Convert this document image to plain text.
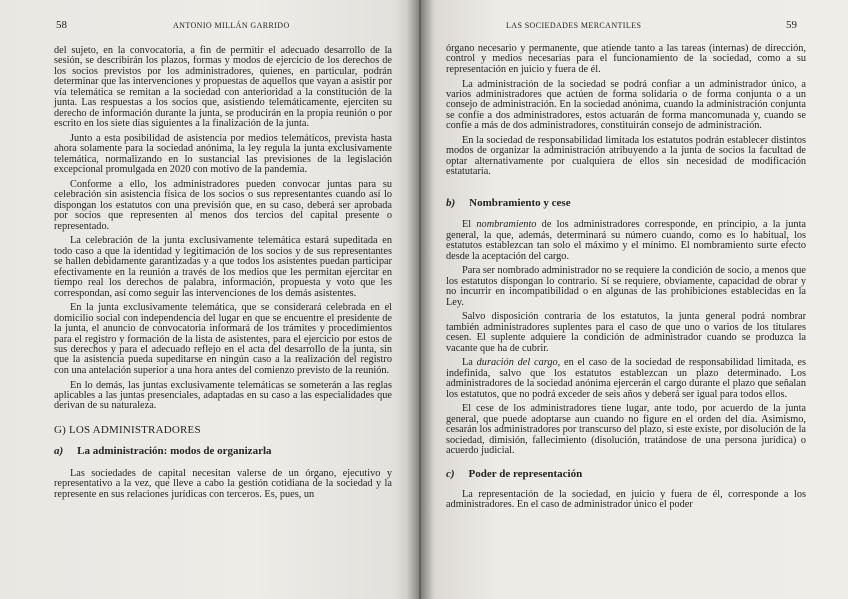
58	ANTONIO MILLÁN GARRIDO

del sujeto, en la convocatoria, a fin de permitir el adecuado desarrollo de la sesión, se describirán los plazos, formas y modos de ejercicio de los derechos de los socios previstos por los administradores, quienes, en particular, podrán determinar que las intervenciones y propuestas de aquellos que vayan a asistir por vía telemática se remitan a la sociedad con anterioridad a la constitución de la junta. Las respuestas a los socios que, asistiendo telemáticamente, ejerciten su derecho de información durante la junta, se producirán en la propia reunión o por escrito en los siete días siguientes a la finalización de la junta.

Junto a esta posibilidad de asistencia por medios telemáticos, prevista hasta ahora solamente para la sociedad anónima, la ley regula la junta exclusivamente telemática, normalizando en lo sustancial las previsiones de la legislación excepcional promulgada en 2020 con motivo de la pandemia.

Conforme a ello, los administradores pueden convocar juntas para su celebración sin asistencia física de los socios o sus representantes cuando así lo dispongan los estatutos con una previsión que, en su caso, deberá ser aprobada por socios que representen al menos dos tercios del capital presente o representado.

La celebración de la junta exclusivamente telemática estará supeditada en todo caso a que la identidad y legitimación de los socios y de sus representantes se hallen debidamente garantizadas y a que todos los asistentes puedan participar efectivamente en la reunión a través de los medios que les permitan ejercitar en tiempo real los derechos de palabra, información, propuesta y voto que les correspondan, así como seguir las intervenciones de los demás asistentes.

En la junta exclusivamente telemática, que se considerará celebrada en el domicilio social con independencia del lugar en que se encuentre el presidente de la junta, el anuncio de convocatoria informará de los trámites y procedimientos para el registro y formación de la lista de asistentes, para el ejercicio por estos de sus derechos y para el adecuado reflejo en el acta del desarrollo de la junta, sin que la asistencia pueda supeditarse en ningún caso a la realización del registro con una antelación superior a una hora antes del comienzo previsto de la reunión.

En lo demás, las juntas exclusivamente telemáticas se someterán a las reglas aplicables a las juntas presenciales, adaptadas en su caso a las especialidades que derivan de su naturaleza.

G) LOS ADMINISTRADORES
a) La administración: modos de organizarla

Las sociedades de capital necesitan valerse de un órgano, ejecutivo y representativo a la vez, que lleve a cabo la gestión cotidiana de la sociedad y la represente en sus relaciones jurídicas con terceros. Es, pues, un

LAS SOCIEDADES MERCANTILES	59

órgano necesario y permanente, que atiende tanto a las tareas (internas) de dirección, control y medios necesarias para el funcionamiento de la sociedad, como a su representación en juicio y fuera de él.

La administración de la sociedad se podrá confiar a un administrador único, a varios administradores que actúen de forma solidaria o de forma conjunta o a un consejo de administración. En la sociedad anónima, cuando la administración conjunta se confíe a dos administradores, estos actuarán de forma mancomunada y, cuando se confíe a más de dos administradores, constituirán consejo de administración.

En la sociedad de responsabilidad limitada los estatutos podrán establecer distintos modos de organizar la administración atribuyendo a la junta de socios la facultad de optar alternativamente por cualquiera de ellos sin necesidad de modificación estatutaria.

b) Nombramiento y cese

El nombramiento de los administradores corresponde, en principio, a la junta general, la que, además, determinará su número cuando, como es lo habitual, los estatutos establezcan tan solo el máximo y el mínimo. El nombramiento surte efecto desde la aceptación del cargo.

Para ser nombrado administrador no se requiere la condición de socio, a menos que los estatutos dispongan lo contrario. Sí se requiere, obviamente, capacidad de obrar y no incurrir en incompatibilidad o en algunas de las prohibiciones establecidas en la Ley.

Salvo disposición contraria de los estatutos, la junta general podrá nombrar también administradores suplentes para el caso de que uno o varios de los titulares cesen. El suplente adquiere la condición de administrador cuando se produzca la vacante que ha de cubrir.

La duración del cargo, en el caso de la sociedad de responsabilidad limitada, es indefinida, salvo que los estatutos establezcan un plazo determinado. Los administradores de la sociedad anónima ejercerán el cargo durante el plazo que señalan los estatutos, que no podrá exceder de seis años y deberá ser igual para todos ellos.

El cese de los administradores tiene lugar, ante todo, por acuerdo de la junta general, que puede adoptarse aun cuando no figure en el orden del día. Asimismo, cesarán los administradores por transcurso del plazo, si este existe, por disolución de la sociedad, dimisión, fallecimiento (disolución, tratándose de una persona jurídica) o acuerdo judicial.

c) Poder de representación

La representación de la sociedad, en juicio y fuera de él, corresponde a los administradores. En el caso de administrador único el poder
